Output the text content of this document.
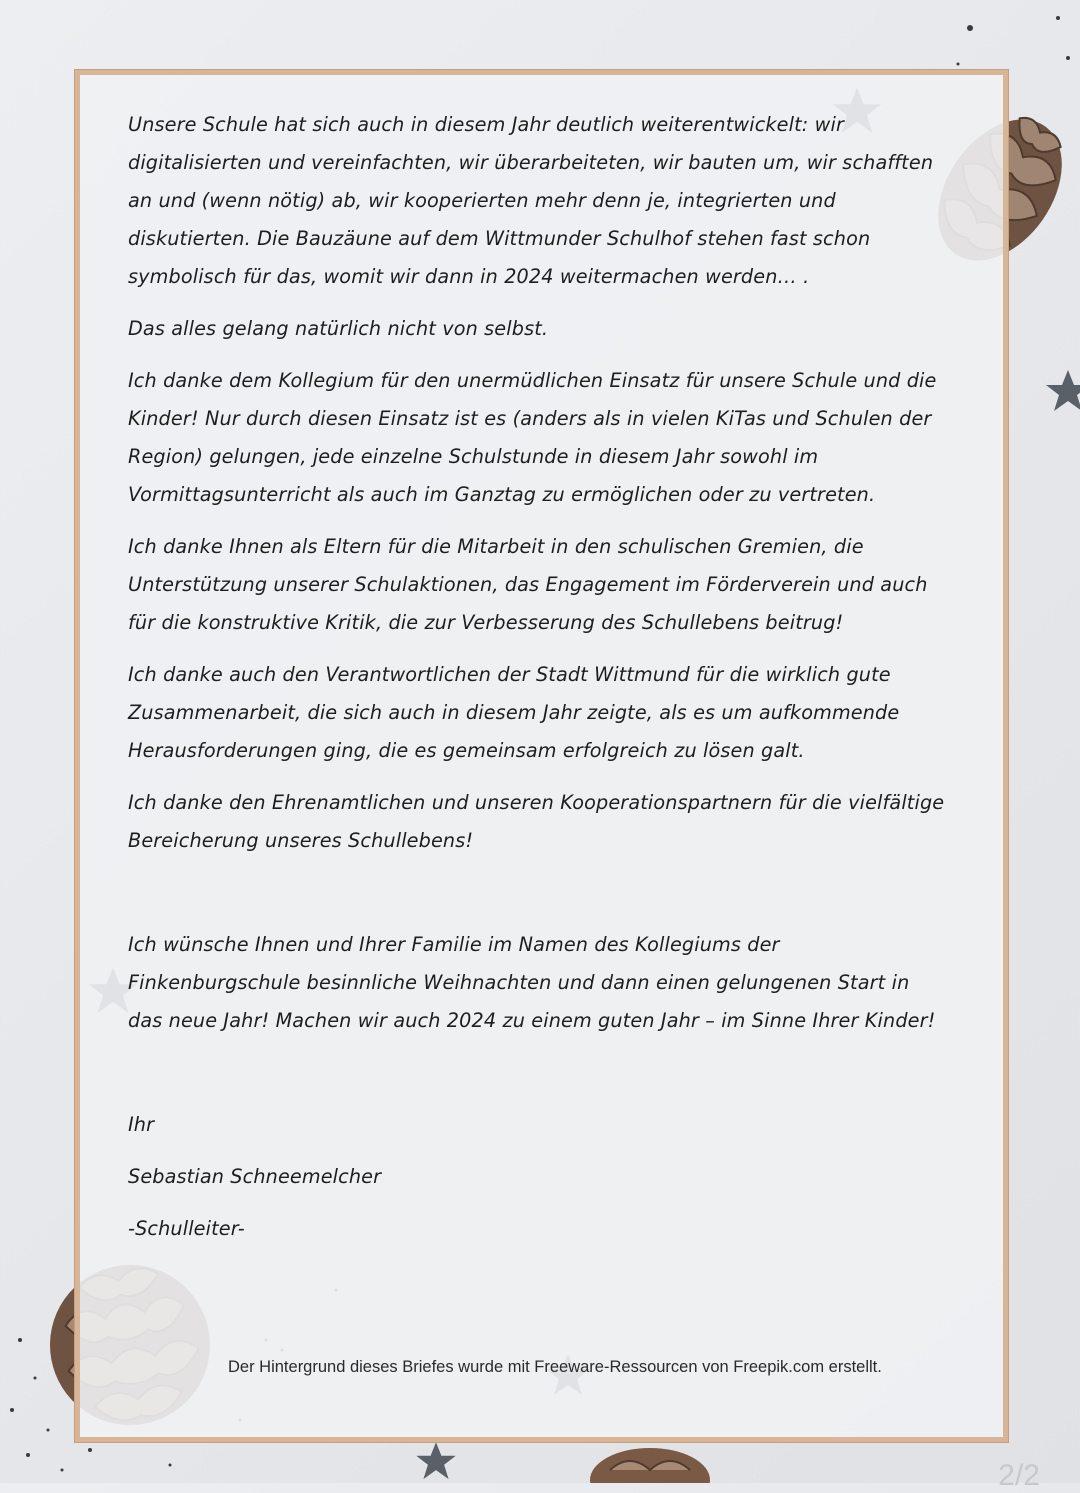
Unsere Schule hat sich auch in diesem Jahr deutlich weiterentwickelt: wir digitalisierten und vereinfachten, wir überarbeiteten, wir bauten um, wir schafften an und (wenn nötig) ab, wir kooperierten mehr denn je, integrierten und diskutierten. Die Bauzäune auf dem Wittmunder Schulhof stehen fast schon symbolisch für das, womit wir dann in 2024 weitermachen werden… .

Das alles gelang natürlich nicht von selbst.

Ich danke dem Kollegium für den unermüdlichen Einsatz für unsere Schule und die Kinder! Nur durch diesen Einsatz ist es (anders als in vielen KiTas und Schulen der Region) gelungen, jede einzelne Schulstunde in diesem Jahr sowohl im Vormittagsunterricht als auch im Ganztag zu ermöglichen oder zu vertreten.

Ich danke Ihnen als Eltern für die Mitarbeit in den schulischen Gremien, die Unterstützung unserer Schulaktionen, das Engagement im Förderverein und auch für die konstruktive Kritik, die zur Verbesserung des Schullebens beitrug!

Ich danke auch den Verantwortlichen der Stadt Wittmund für die wirklich gute Zusammenarbeit, die sich auch in diesem Jahr zeigte, als es um aufkommende Herausforderungen ging, die es gemeinsam erfolgreich zu lösen galt.

Ich danke den Ehrenamtlichen und unseren Kooperationspartnern für die vielfältige Bereicherung unseres Schullebens!

Ich wünsche Ihnen und Ihrer Familie im Namen des Kollegiums der Finkenburgschule besinnliche Weihnachten und dann einen gelungenen Start in das neue Jahr! Machen wir auch 2024 zu einem guten Jahr – im Sinne Ihrer Kinder!

Ihr

Sebastian Schneemelcher

-Schulleiter-

Der Hintergrund dieses Briefes wurde mit Freeware-Ressourcen von Freepik.com erstellt.
2/2
